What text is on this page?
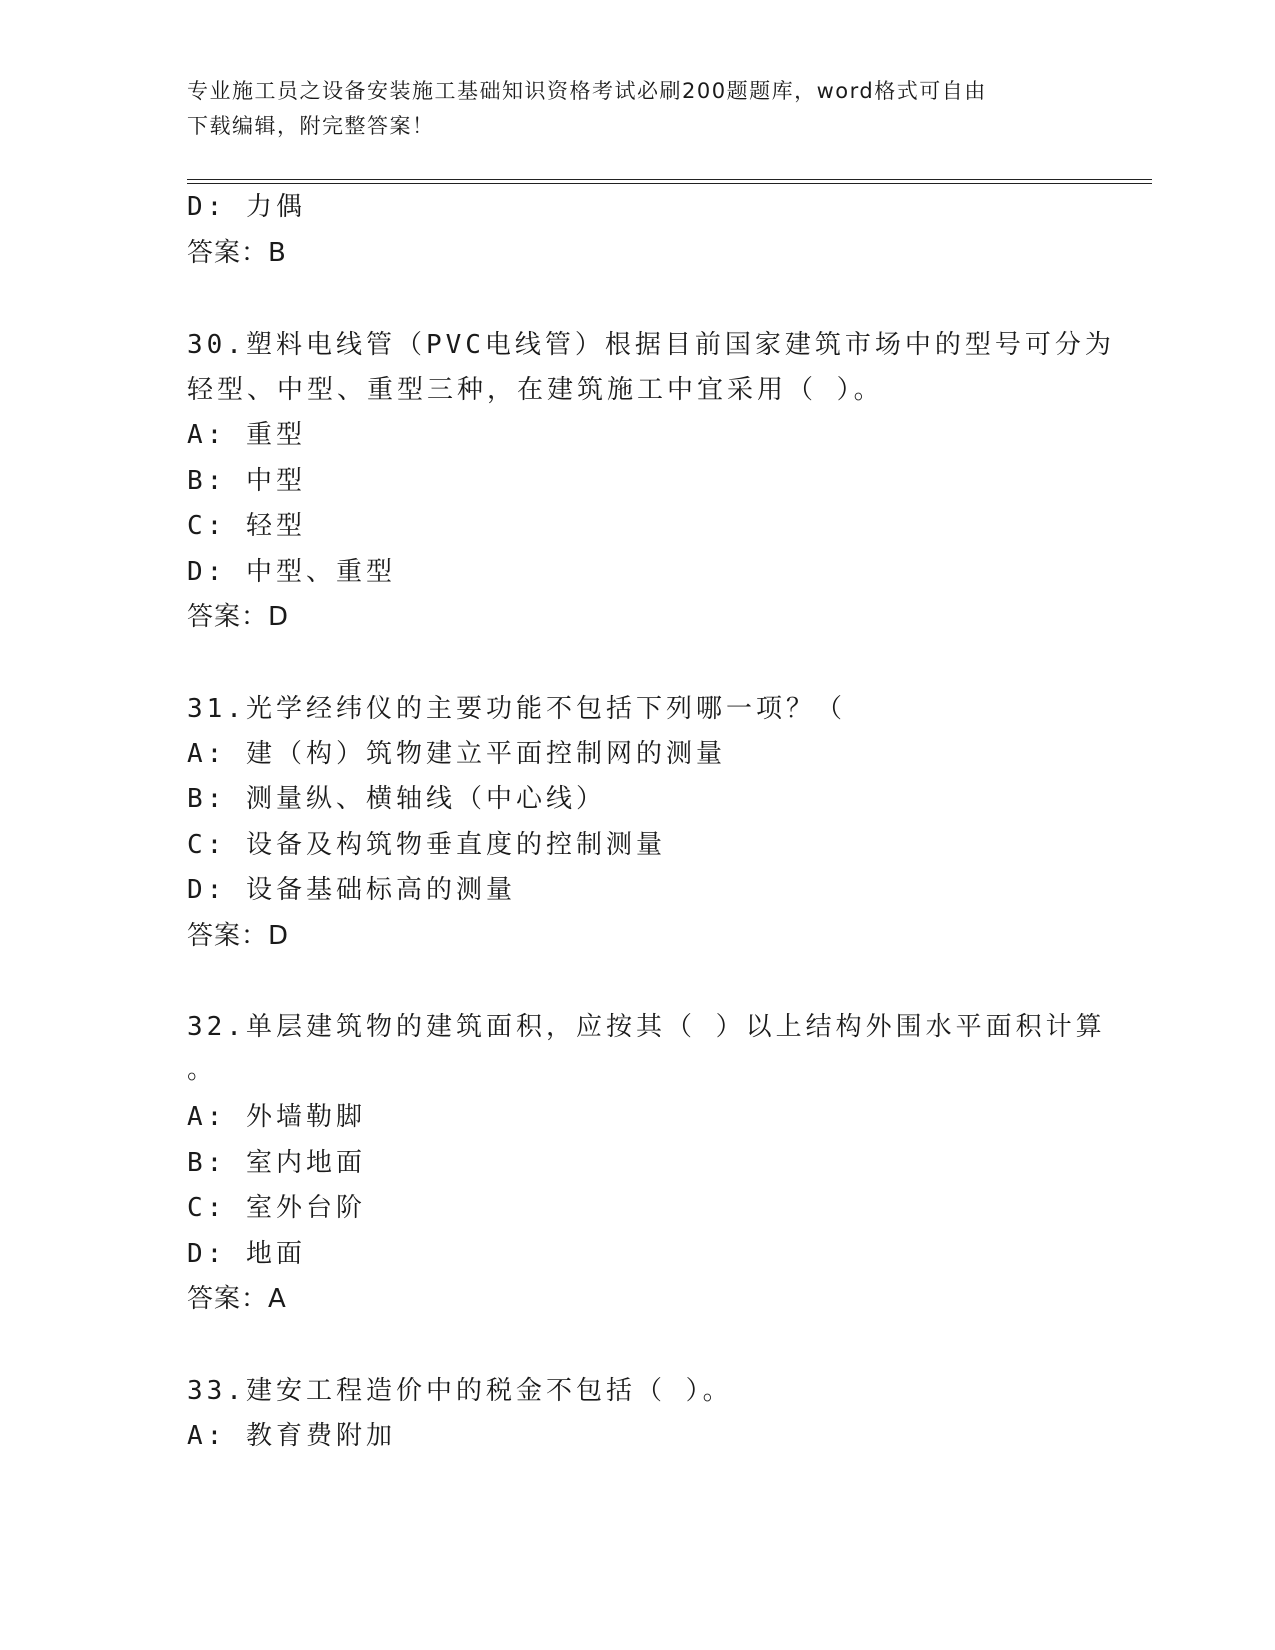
专业施工员之设备安装施工基础知识资格考试必刷200题题库，word格式可自由
下载编辑，附完整答案！
D: 力偶
答案：B
30.塑料电线管（PVC电线管）根据目前国家建筑市场中的型号可分为
轻型、中型、重型三种，在建筑施工中宜采用（ ）。
A: 重型
B: 中型
C: 轻型
D: 中型、重型
答案：D
31.光学经纬仪的主要功能不包括下列哪一项？（
A: 建（构）筑物建立平面控制网的测量
B: 测量纵、横轴线（中心线）
C: 设备及构筑物垂直度的控制测量
D: 设备基础标高的测量
答案：D
32.单层建筑物的建筑面积，应按其（ ）以上结构外围水平面积计算
。
A: 外墙勒脚
B: 室内地面
C: 室外台阶
D: 地面
答案：A
33.建安工程造价中的税金不包括（ ）。
A: 教育费附加
